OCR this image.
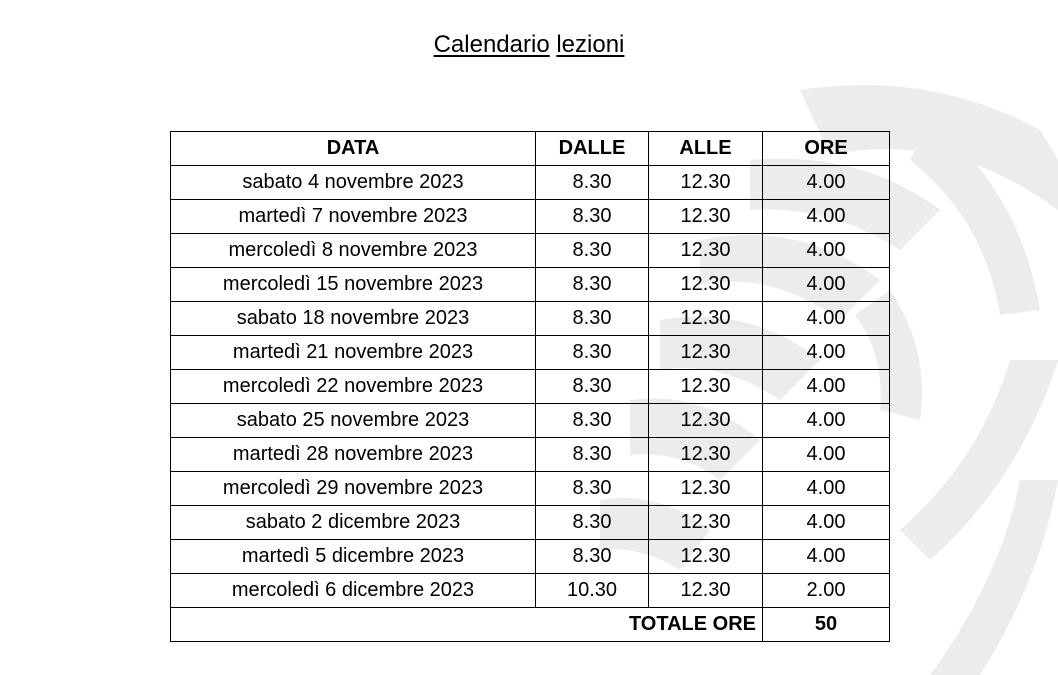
Calendario lezioni
DATA	DALLE	ALLE	ORE
sabato 4 novembre 2023	8.30	12.30	4.00
martedì 7 novembre 2023	8.30	12.30	4.00
mercoledì 8 novembre 2023	8.30	12.30	4.00
mercoledì 15 novembre 2023	8.30	12.30	4.00
sabato 18 novembre 2023	8.30	12.30	4.00
martedì 21 novembre 2023	8.30	12.30	4.00
mercoledì 22 novembre 2023	8.30	12.30	4.00
sabato 25 novembre 2023	8.30	12.30	4.00
martedì 28 novembre 2023	8.30	12.30	4.00
mercoledì 29 novembre 2023	8.30	12.30	4.00
sabato 2 dicembre 2023	8.30	12.30	4.00
martedì 5 dicembre 2023	8.30	12.30	4.00
mercoledì 6 dicembre 2023	10.30	12.30	2.00
	TOTALE ORE		50
